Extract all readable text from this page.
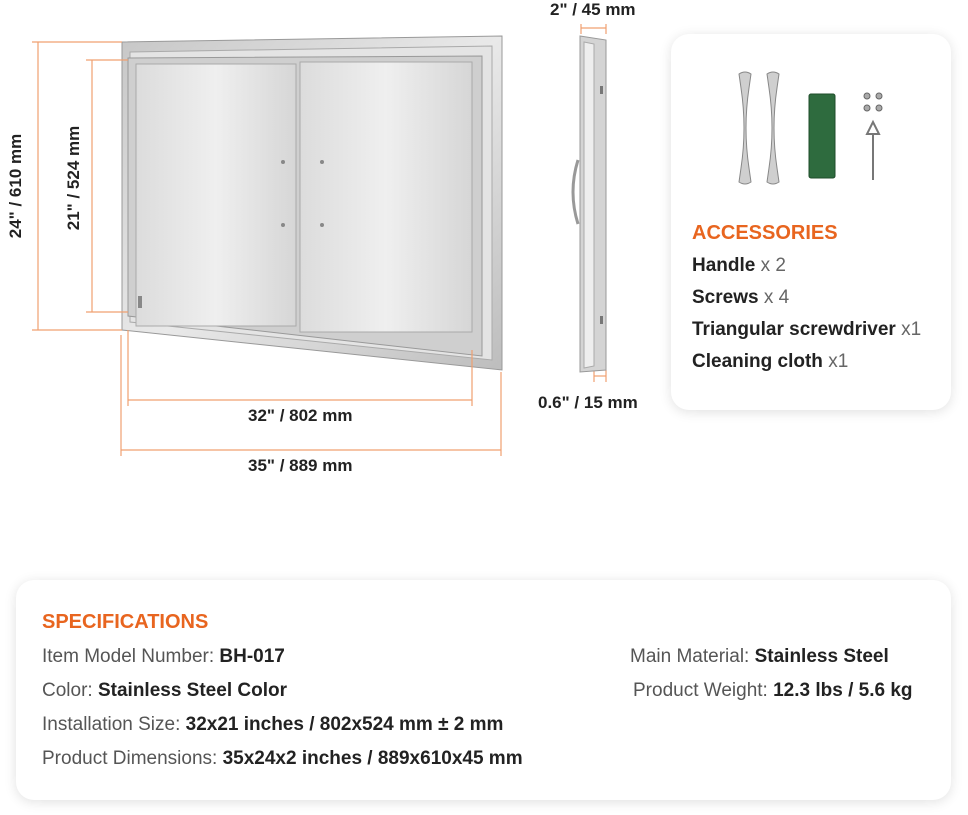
24" / 610 mm 21" / 524 mm
32" / 802 mm
35" / 889 mm
2" / 45 mm
0.6" / 15 mm
ACCESSORIES
Handle x 2
Screws x 4
Triangular screwdriver x1
Cleaning cloth x1
SPECIFICATIONS
Item Model Number: BH-017
Color: Stainless Steel Color
Installation Size: 32x21 inches / 802x524 mm ± 2 mm
Product Dimensions: 35x24x2 inches / 889x610x45 mm
Main Material: Stainless Steel
Product Weight: 12.3 lbs / 5.6 kg
